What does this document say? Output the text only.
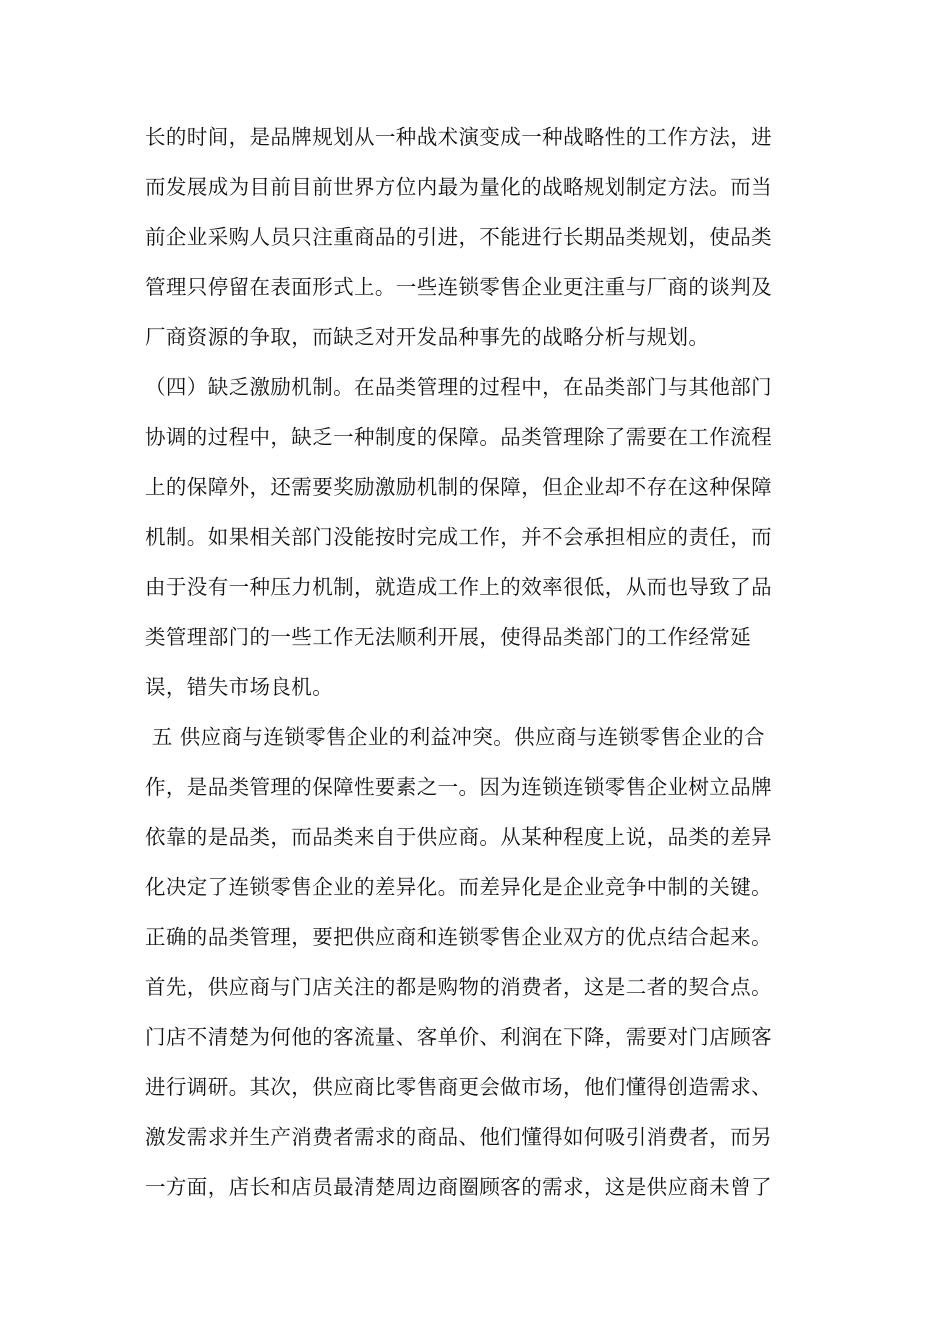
长的时间，是品牌规划从一种战术演变成一种战略性的工作方法，进
而发展成为目前目前世界方位内最为量化的战略规划制定方法。而当
前企业采购人员只注重商品的引进，不能进行长期品类规划，使品类
管理只停留在表面形式上。一些连锁零售企业更注重与厂商的谈判及
厂商资源的争取，而缺乏对开发品种事先的战略分析与规划。
（四）缺乏激励机制。在品类管理的过程中，在品类部门与其他部门
协调的过程中，缺乏一种制度的保障。品类管理除了需要在工作流程
上的保障外，还需要奖励激励机制的保障，但企业却不存在这种保障
机制。如果相关部门没能按时完成工作，并不会承担相应的责任，而
由于没有一种压力机制，就造成工作上的效率很低，从而也导致了品
类管理部门的一些工作无法顺利开展，使得品类部门的工作经常延
误，错失市场良机。
五 供应商与连锁零售企业的利益冲突。供应商与连锁零售企业的合
作，是品类管理的保障性要素之一。因为连锁连锁零售企业树立品牌
依靠的是品类，而品类来自于供应商。从某种程度上说，品类的差异
化决定了连锁零售企业的差异化。而差异化是企业竞争中制的关键。
正确的品类管理，要把供应商和连锁零售企业双方的优点结合起来。
首先，供应商与门店关注的都是购物的消费者，这是二者的契合点。
门店不清楚为何他的客流量、客单价、利润在下降，需要对门店顾客
进行调研。其次，供应商比零售商更会做市场，他们懂得创造需求、
激发需求并生产消费者需求的商品、他们懂得如何吸引消费者，而另
一方面，店长和店员最清楚周边商圈顾客的需求，这是供应商未曾了
